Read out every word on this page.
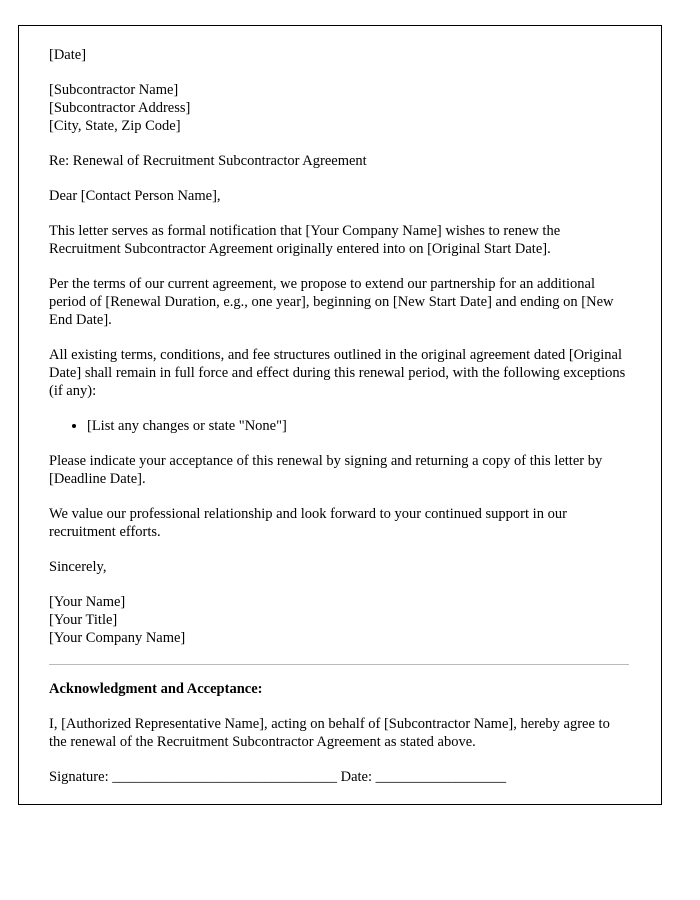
[Date]

[Subcontractor Name]
[Subcontractor Address]
[City, State, Zip Code]

Re: Renewal of Recruitment Subcontractor Agreement

Dear [Contact Person Name],

This letter serves as formal notification that [Your Company Name] wishes to renew the Recruitment Subcontractor Agreement originally entered into on [Original Start Date].

Per the terms of our current agreement, we propose to extend our partnership for an additional period of [Renewal Duration, e.g., one year], beginning on [New Start Date] and ending on [New End Date].

All existing terms, conditions, and fee structures outlined in the original agreement dated [Original Date] shall remain in full force and effect during this renewal period, with the following exceptions (if any):

• [List any changes or state "None"]

Please indicate your acceptance of this renewal by signing and returning a copy of this letter by [Deadline Date].

We value our professional relationship and look forward to your continued support in our recruitment efforts.

Sincerely,

[Your Name]
[Your Title]
[Your Company Name]
Acknowledgment and Acceptance:

I, [Authorized Representative Name], acting on behalf of [Subcontractor Name], hereby agree to the renewal of the Recruitment Subcontractor Agreement as stated above.

Signature: _______________________________ Date: __________________
